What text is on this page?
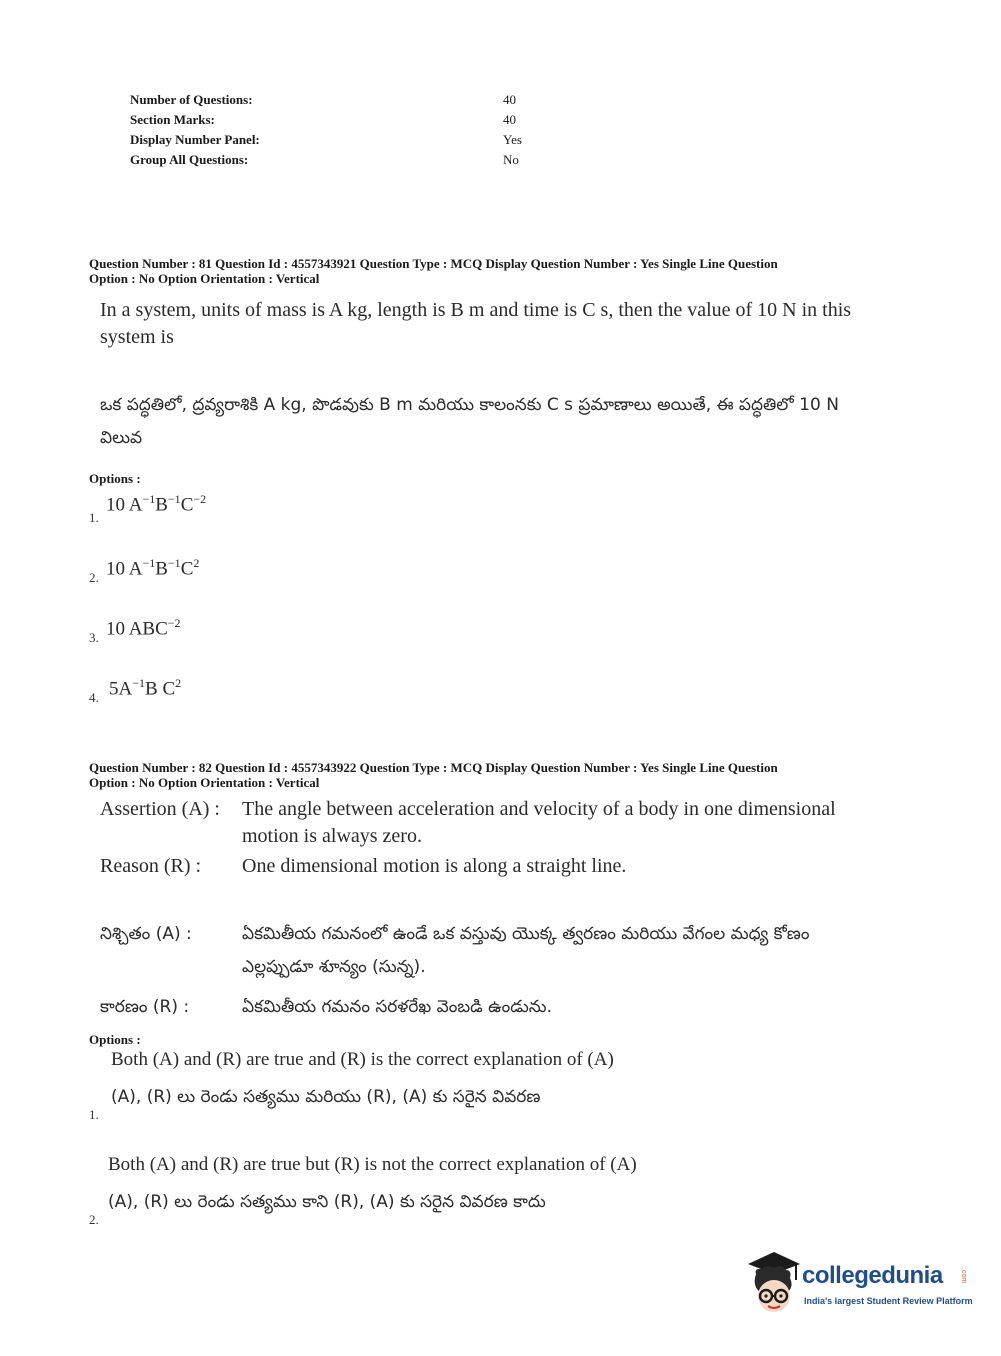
Number of Questions:	40
Section Marks:	40
Display Number Panel:	Yes
Group All Questions:	No
Question Number : 81 Question Id : 4557343921 Question Type : MCQ Display Question Number : Yes Single Line Question
Option : No Option Orientation : Vertical
In a system, units of mass is A kg, length is B m and time is C s, then the value of 10 N in this system is
ఒక పద్ధతిలో, ద్రవ్యరాశికి A kg, పొడవుకు B m మరియు కాలంనకు C s ప్రమాణాలు అయితే, ఈ పద్ధతిలో 10 N విలువ
Options :
1.
10 $A^{-1}B^{-1}C^{-2}$
2. 10 $A^{-1}B^{-1}C^2$
3. 10 $ABC^{-2}$
4. $5A^{-1}B$ $C^2$
Question Number : 82 Question Id : 4557343922 Question Type : MCQ Display Question Number : Yes Single Line Question
Option : No Option Orientation : Vertical
Assertion (A) : The angle between acceleration and velocity of a body in one dimensional motion is always zero.
Reason (R) : One dimensional motion is along a straight line.
నిశ్చితం (A) :	ఏకమితీయ గమనంలో ఉండే ఒక వస్తువు యొక్క త్వరణం మరియు వేగంల మధ్య కోణం ఎల్లప్పుడూ శూన్యం (సున్న).
కారణం (R) :	ఏకమితీయ గమనం సరళరేఖ వెంబడి ఉండును.
Options :
Both (A) and (R) are true and (R) is the correct explanation of (A)
(A), (R) లు రెండు సత్యము మరియు (R), (A) కు సరైన వివరణ
1.
Both (A) and (R) are true but (R) is not the correct explanation of (A)
(A), (R) లు రెండు సత్యము కాని (R), (A) కు సరైన వివరణ కాదు
2.
collegedunia .com
India's largest Student Review Platform
